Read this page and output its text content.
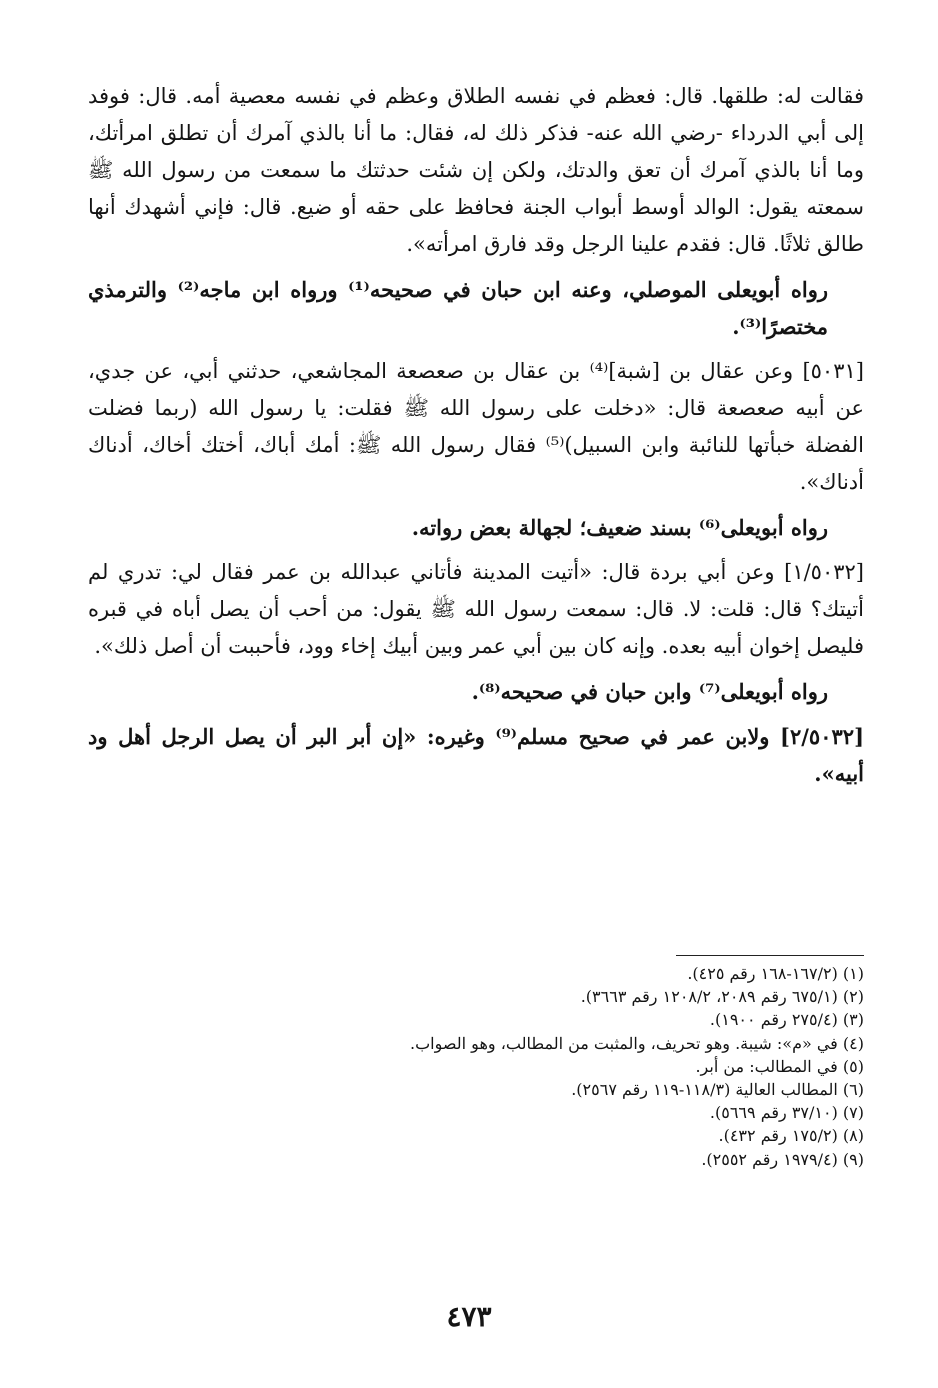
فقالت له: طلقها. قال: فعظم في نفسه الطلاق وعظم في نفسه معصية أمه. قال: فوفد إلى أبي الدرداء -رضي الله عنه- فذكر ذلك له، فقال: ما أنا بالذي آمرك أن تطلق امرأتك، وما أنا بالذي آمرك أن تعق والدتك، ولكن إن شئت حدثتك ما سمعت من رسول الله ﷺ سمعته يقول: الوالد أوسط أبواب الجنة فحافظ على حقه أو ضيع. قال: فإني أشهدك أنها طالق ثلاثًا. قال: فقدم علينا الرجل وقد فارق امرأته».

رواه أبويعلى الموصلي، وعنه ابن حبان في صحيحه⁽¹⁾ ورواه ابن ماجه⁽²⁾ والترمذي مختصرًا⁽³⁾.

[٥٠٣١] وعن عقال بن [شبة]⁽⁴⁾ بن عقال بن صعصعة المجاشعي، حدثني أبي، عن جدي، عن أبيه صعصعة قال: «دخلت على رسول الله ﷺ فقلت: يا رسول الله (ربما فضلت الفضلة خبأتها للنائبة وابن السبيل)⁽⁵⁾ فقال رسول الله ﷺ: أمك أباك، أختك أخاك، أدناك أدناك».

رواه أبويعلى⁽⁶⁾ بسند ضعيف؛ لجهالة بعض رواته.

[١/٥٠٣٢] وعن أبي بردة قال: «أتيت المدينة فأتاني عبدالله بن عمر فقال لي: تدري لم أتيتك؟ قال: قلت: لا. قال: سمعت رسول الله ﷺ يقول: من أحب أن يصل أباه في قبره فليصل إخوان أبيه بعده. وإنه كان بين أبي عمر وبين أبيك إخاء وود، فأحببت أن أصل ذلك».

رواه أبويعلى⁽⁷⁾ وابن حبان في صحيحه⁽⁸⁾.

[٢/٥٠٣٢] ولابن عمر في صحيح مسلم⁽⁹⁾ وغيره: «إن أبر البر أن يصل الرجل أهل ود أبيه».

(١) (١٦٧/٢-١٦٨ رقم ٤٢٥).

(٢) (٦٧٥/١ رقم ٢٠٨٩، ١٢٠٨/٢ رقم ٣٦٦٣).

(٣) (٢٧٥/٤ رقم ١٩٠٠).

(٤) في «م»: شيبة. وهو تحريف، والمثبت من المطالب، وهو الصواب.

(٥) في المطالب: من أبر.

(٦) المطالب العالية (١١٨/٣-١١٩ رقم ٢٥٦٧).

(٧) (٣٧/١٠ رقم ٥٦٦٩).

(٨) (١٧٥/٢ رقم ٤٣٢).

(٩) (١٩٧٩/٤ رقم ٢٥٥٢).

٤٧٣
